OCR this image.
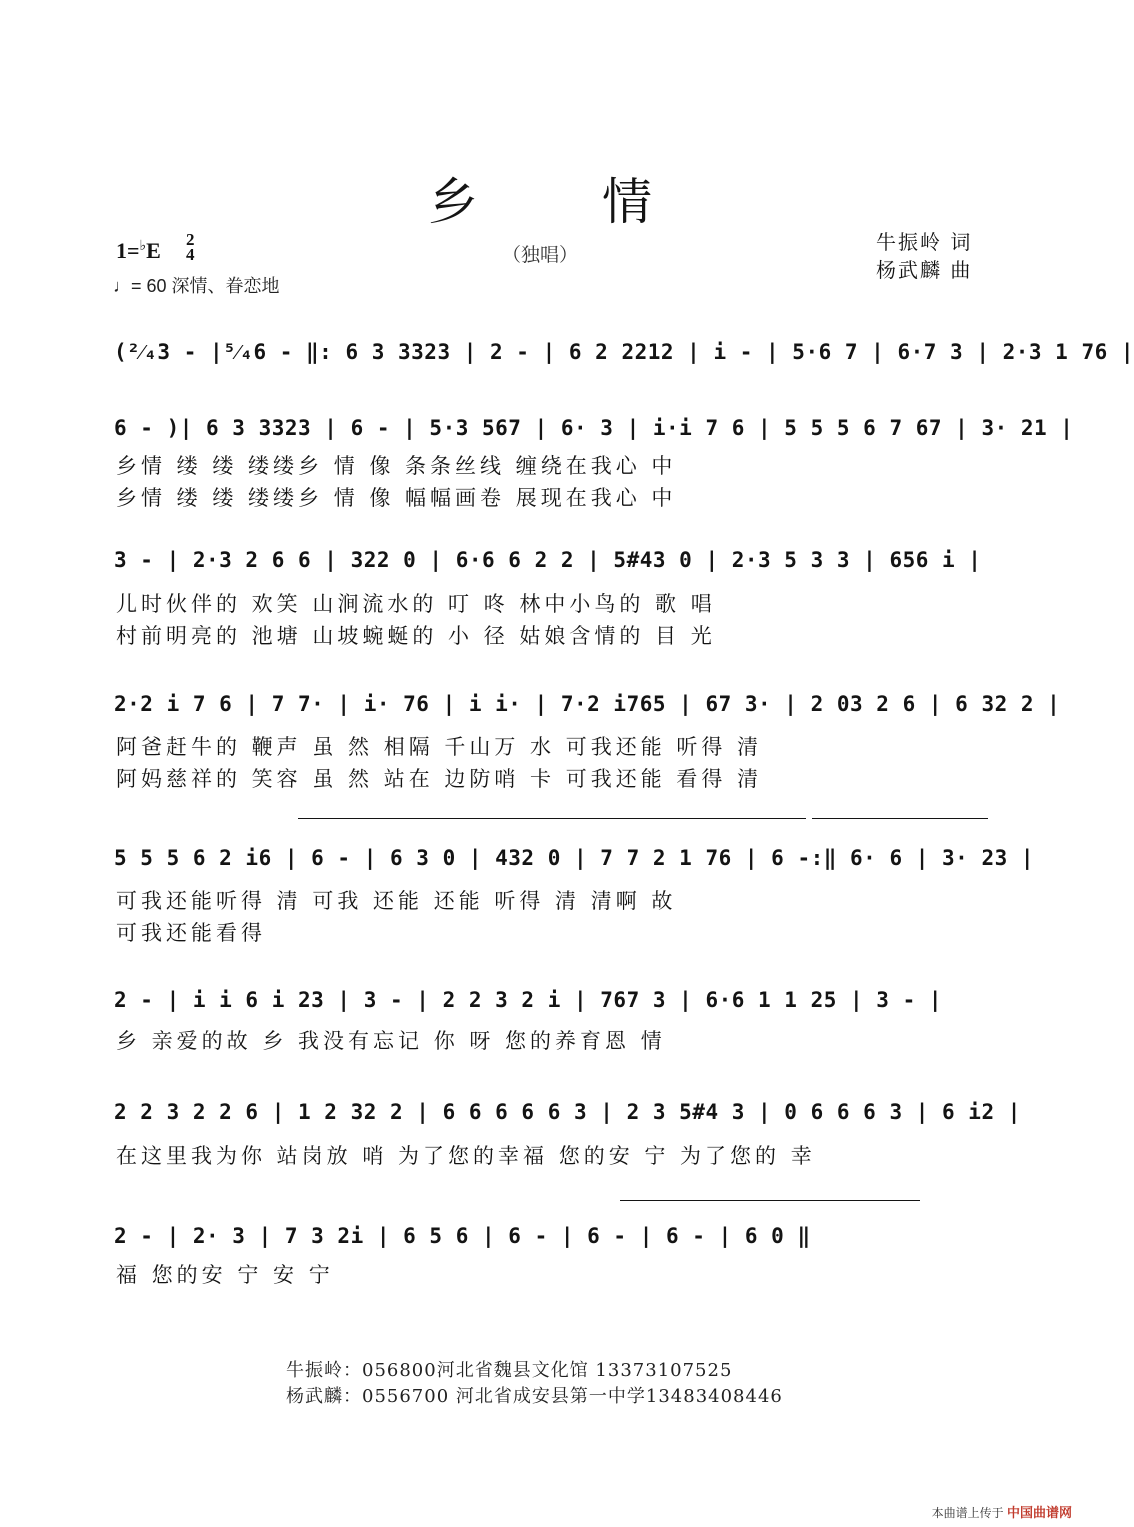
乡 情
（独唱）
1=♭E 2
4
♩= 60 深情、眷恋地
牛振岭 词
杨武麟 曲
(²⁄₄3 - |⁵⁄₄6 - ‖: 6 3 3323 | 2 - | 6 2 2212 | i - | 5·6 7 | 6·7 3 | 2·3 1 76 |
6 - )| 6 3 3323 | 6 - | 5·3 567 | 6· 3 | i·i 7 6 | 5 5 5 6 7 67 | 3· 21 |
乡情 缕 缕 缕缕乡 情 像 条条丝线 缠绕在我心 中
乡情 缕 缕 缕缕乡 情 像 幅幅画卷 展现在我心 中
3 - | 2·3 2 6 6 | 322 0 | 6·6 6 2 2 | 5#43 0 | 2·3 5 3 3 | 656 i |
儿时伙伴的 欢笑 山涧流水的 叮 咚 林中小鸟的 歌 唱
村前明亮的 池塘 山坡蜿蜒的 小 径 姑娘含情的 目 光
2·2 i 7 6 | 7 7· | i· 76 | i i· | 7·2 i765 | 67 3· | 2 03 2 6 | 6 32 2 |
阿爸赶牛的 鞭声 虽 然 相隔 千山万 水 可我还能 听得 清
阿妈慈祥的 笑容 虽 然 站在 边防哨 卡 可我还能 看得 清
5 5 5 6 2 i6 | 6 - | 6 3 0 | 432 0 | 7 7 2 1 76 | 6 -:‖ 6· 6 | 3· 23 |
可我还能听得 清 可我 还能 还能 听得 清 清啊 故
可我还能看得
2 - | i i 6 i 23 | 3 - | 2 2 3 2 i | 767 3 | 6·6 1 1 25 | 3 - |
乡 亲爱的故 乡 我没有忘记 你 呀 您的养育恩 情
2 2 3 2 2 6 | 1 2 32 2 | 6 6 6 6 6 3 | 2 3 5#4 3 | 0 6 6 6 3 | 6 i2 |
在这里我为你 站岗放 哨 为了您的幸福 您的安 宁 为了您的 幸
2 - | 2· 3 | 7 3 2i | 6 5 6 | 6 - | 6 - | 6 - | 6 0 ‖
福 您的安 宁 安 宁
牛振岭：056800河北省魏县文化馆 13373107525
杨武麟：0556700 河北省成安县第一中学13483408446
本曲谱上传于 中国曲谱网
